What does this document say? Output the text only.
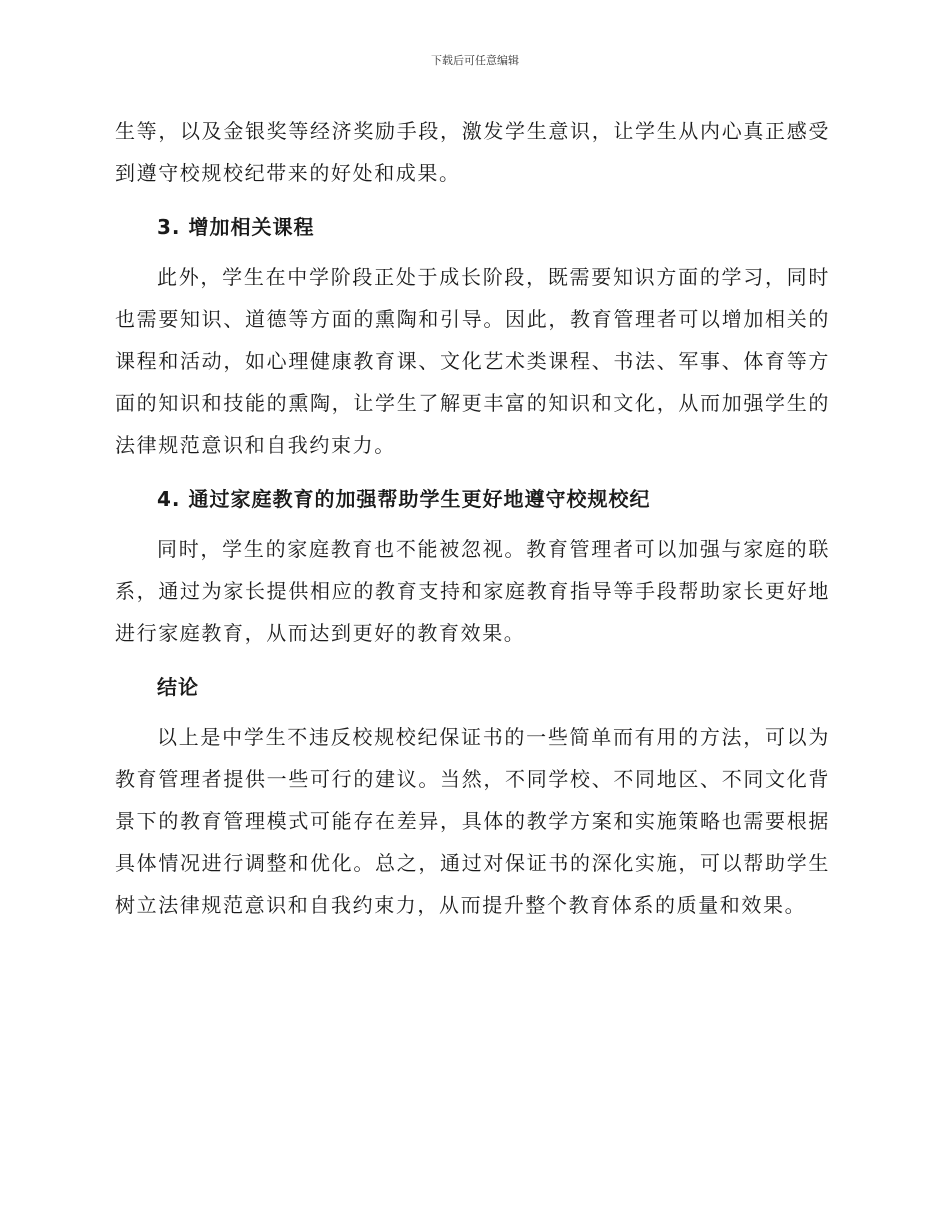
下载后可任意编辑

生等，以及金银奖等经济奖励手段，激发学生意识，让学生从内心真正感受到遵守校规校纪带来的好处和成果。

3. 增加相关课程

此外，学生在中学阶段正处于成长阶段，既需要知识方面的学习，同时也需要知识、道德等方面的熏陶和引导。因此，教育管理者可以增加相关的课程和活动，如心理健康教育课、文化艺术类课程、书法、军事、体育等方面的知识和技能的熏陶，让学生了解更丰富的知识和文化，从而加强学生的法律规范意识和自我约束力。

4. 通过家庭教育的加强帮助学生更好地遵守校规校纪

同时，学生的家庭教育也不能被忽视。教育管理者可以加强与家庭的联系，通过为家长提供相应的教育支持和家庭教育指导等手段帮助家长更好地进行家庭教育，从而达到更好的教育效果。

结论

以上是中学生不违反校规校纪保证书的一些简单而有用的方法，可以为教育管理者提供一些可行的建议。当然，不同学校、不同地区、不同文化背景下的教育管理模式可能存在差异，具体的教学方案和实施策略也需要根据具体情况进行调整和优化。总之，通过对保证书的深化实施，可以帮助学生树立法律规范意识和自我约束力，从而提升整个教育体系的质量和效果。
